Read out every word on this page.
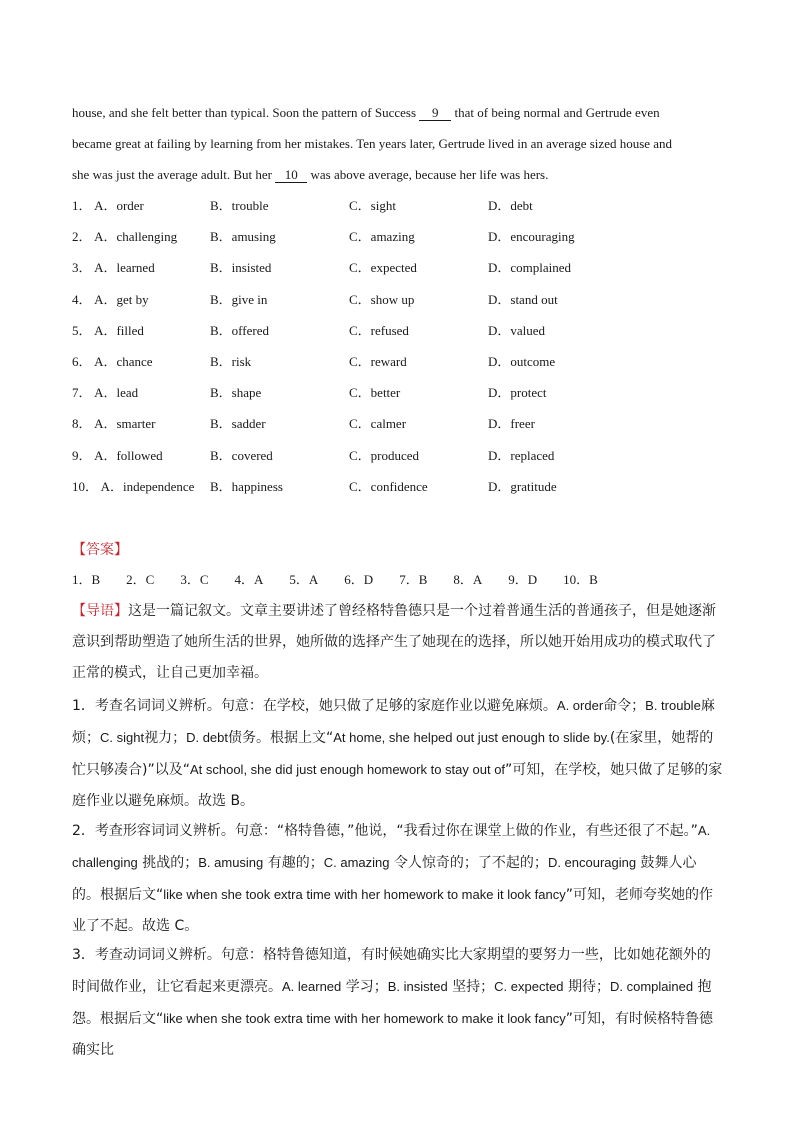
house, and she felt better than typical. Soon the pattern of Success 9 that of being normal and Gertrude even
became great at failing by learning from her mistakes. Ten years later, Gertrude lived in an average sized house and
she was just the average adult. But her 10 was above average, because her life was hers.
1． A．order	B．trouble	C．sight	D．debt
2． A．challenging	B．amusing	C．amazing	D．encouraging
3． A．learned	B．insisted	C．expected	D．complained
4． A．get by	B．give in	C．show up	D．stand out
5． A．filled	B．offered	C．refused	D．valued
6． A．chance	B．risk	C．reward	D．outcome
7． A．lead	B．shape	C．better	D．protect
8． A．smarter	B．sadder	C．calmer	D．freer
9． A．followed	B．covered	C．produced	D．replaced
10． A．independence B．happiness	C．confidence	D．gratitude
【答案】
1．B 2．C 3．C 4．A 5．A 6．D 7．B 8．A 9．D 10．B
【导语】这是一篇记叙文。文章主要讲述了曾经格特鲁德只是一个过着普通生活的普通孩子，但是她逐渐意识到帮助塑造了她所生活的世界，她所做的选择产生了她现在的选择，所以她开始用成功的模式取代了正常的模式，让自己更加幸福。
1．考查名词词义辨析。句意：在学校，她只做了足够的家庭作业以避免麻烦。A. order命令；B. trouble麻烦；C. sight视力；D. debt债务。根据上文“At home, she helped out just enough to slide by.(在家里，她帮的忙只够凑合)”以及“At school, she did just enough homework to stay out of”可知，在学校，她只做了足够的家庭作业以避免麻烦。故选 B。
2．考查形容词词义辨析。句意：“格特鲁德，”他说，“我看过你在课堂上做的作业，有些还很了不起。”A. challenging 挑战的；B. amusing 有趣的；C. amazing 令人惊奇的；了不起的；D. encouraging 鼓舞人心的。根据后文“like when she took extra time with her homework to make it look fancy”可知，老师夸奖她的作业了不起。故选 C。
3．考查动词词义辨析。句意：格特鲁德知道，有时候她确实比大家期望的要努力一些，比如她花额外的时间做作业，让它看起来更漂亮。A. learned 学习；B. insisted 坚持；C. expected 期待；D. complained 抱怨。根据后文“like when she took extra time with her homework to make it look fancy”可知，有时候格特鲁德确实比
